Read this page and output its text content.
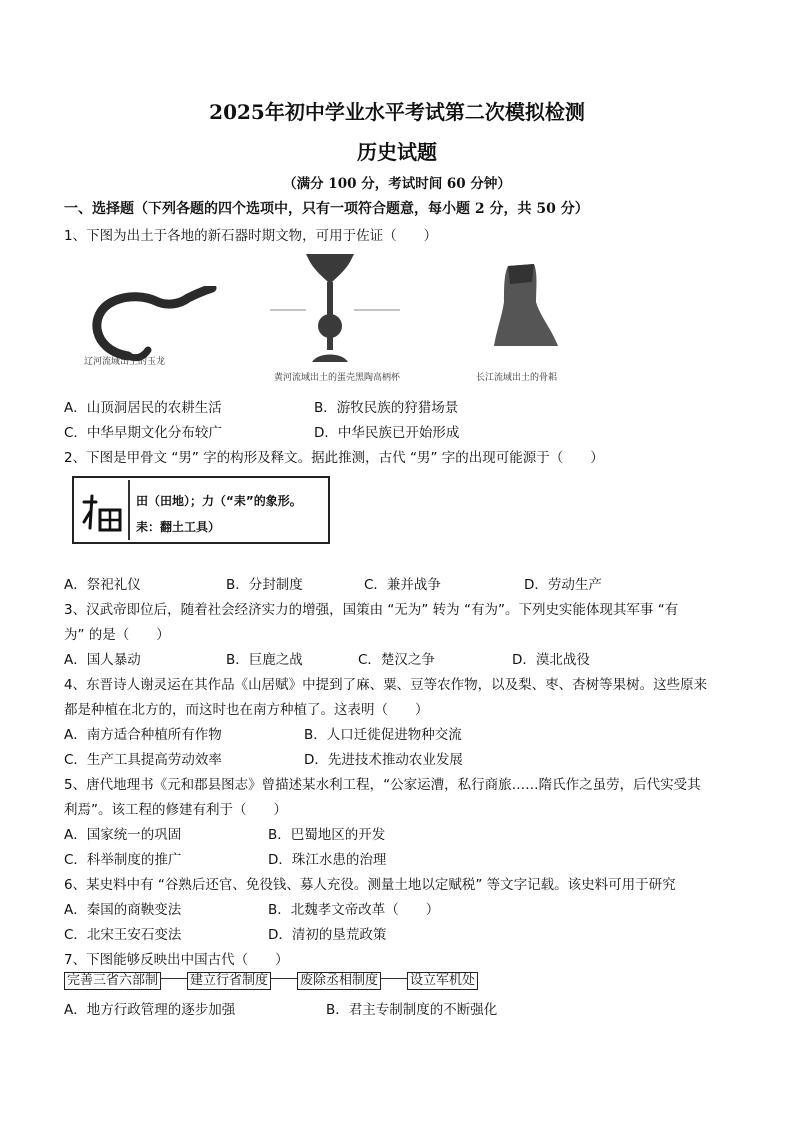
2025年初中学业水平考试第二次模拟检测
历史试题
（满分 100 分，考试时间 60 分钟）
一、选择题（下列各题的四个选项中，只有一项符合题意，每小题 2 分，共 50 分）
1、下图为出土于各地的新石器时期文物，可用于佐证（　　）
辽河流域出土的玉龙
黄河流域出土的蛋壳黑陶高柄杯	长江流域出土的骨耜
A．山顶洞居民的农耕生活	B．游牧民族的狩猎场景
C．中华早期文化分布较广	D．中华民族已开始形成
2、下图是甲骨文 “男” 字的构形及释文。据此推测，古代 “男” 字的出现可能源于（　　）
田（田地）；力（“耒”的象形。
耒：翻土工具）
A．祭祀礼仪	B．分封制度	C．兼并战争	D．劳动生产
3、汉武帝即位后，随着社会经济实力的增强，国策由 “无为” 转为 “有为”。下列史实能体现其军事 “有
为” 的是（　　）
A．国人暴动	B．巨鹿之战	C．楚汉之争	D．漠北战役
4、东晋诗人谢灵运在其作品《山居赋》中提到了麻、粟、豆等农作物，以及梨、枣、杏树等果树。这些原来
都是种植在北方的，而这时也在南方种植了。这表明（　　）
A．南方适合种植所有作物	B．人口迁徙促进物种交流
C．生产工具提高劳动效率	D．先进技术推动农业发展
5、唐代地理书《元和郡县图志》曾描述某水利工程，“公家运漕，私行商旅……隋氏作之虽劳，后代实受其
利焉”。该工程的修建有利于（　　）
A．国家统一的巩固	B．巴蜀地区的开发
C．科举制度的推广	D．珠江水患的治理
6、某史料中有 “谷熟后还官、免役钱、募人充役。测量土地以定赋税” 等文字记载。该史料可用于研究
A．秦国的商鞅变法	B．北魏孝文帝改革（　　）
C．北宋王安石变法	D．清初的垦荒政策
7、下图能够反映出中国古代（　　）
完善三省六部制 建立行省制度 废除丞相制度 设立军机处
A．地方行政管理的逐步加强	B．君主专制制度的不断强化
